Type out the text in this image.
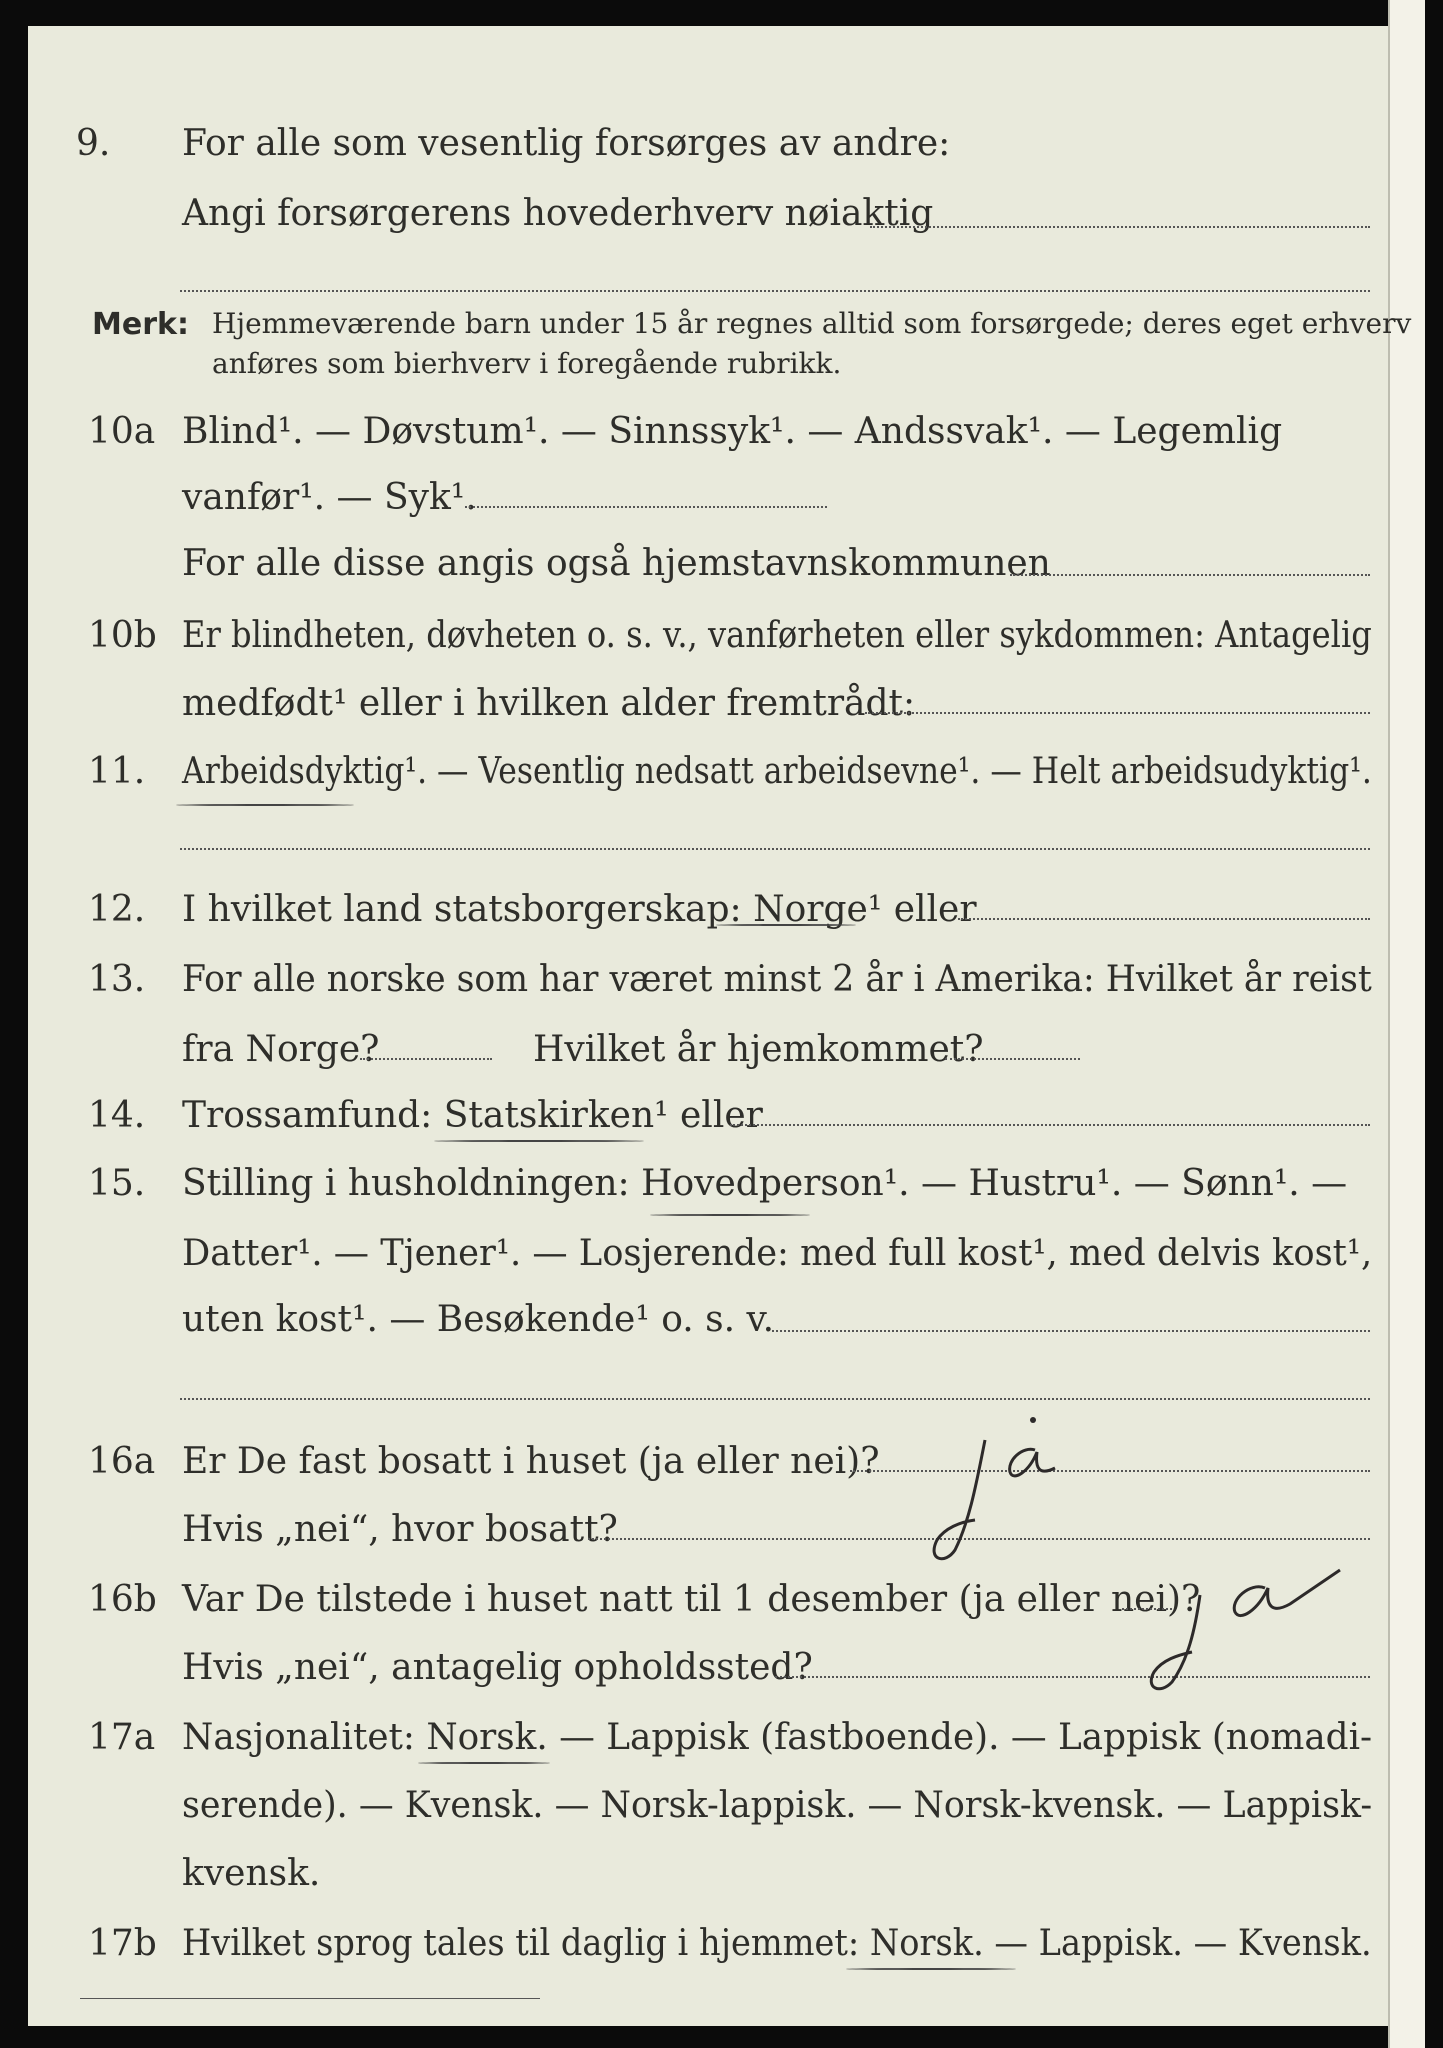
9. For alle som vesentlig forsørges av andre:
Angi forsørgerens hovederhverv nøiaktig
Merk: Hjemmeværende barn under 15 år regnes alltid som forsørgede; deres eget erhverv
anføres som bierhverv i foregående rubrikk.
10a Blind¹. — Døvstum¹. — Sinnssyk¹. — Andssvak¹. — Legemlig
vanfør¹. — Syk¹.
For alle disse angis også hjemstavnskommunen
10b Er blindheten, døvheten o. s. v., vanførheten eller sykdommen: Antagelig
medfødt¹ eller i hvilken alder fremtrådt:
11. Arbeidsdyktig¹. — Vesentlig nedsatt arbeidsevne¹. — Helt arbeidsudyktig¹.
12. I hvilket land statsborgerskap: Norge¹ eller
13. For alle norske som har været minst 2 år i Amerika: Hvilket år reist
fra Norge?	Hvilket år hjemkommet?
14. Trossamfund: Statskirken¹ eller
15. Stilling i husholdningen: Hovedperson¹. — Hustru¹. — Sønn¹. —
Datter¹. — Tjener¹. — Losjerende: med full kost¹, med delvis kost¹,
uten kost¹. — Besøkende¹ o. s. v.
16a Er De fast bosatt i huset (ja eller nei)?
Hvis „nei“, hvor bosatt?
16b Var De tilstede i huset natt til 1 desember (ja eller nei)?
Hvis „nei“, antagelig opholdssted?
17a Nasjonalitet: Norsk. — Lappisk (fastboende). — Lappisk (nomadi-
serende). — Kvensk. — Norsk-lappisk. — Norsk-kvensk. — Lappisk-
kvensk.
17b Hvilket sprog tales til daglig i hjemmet: Norsk. — Lappisk. — Kvensk.
